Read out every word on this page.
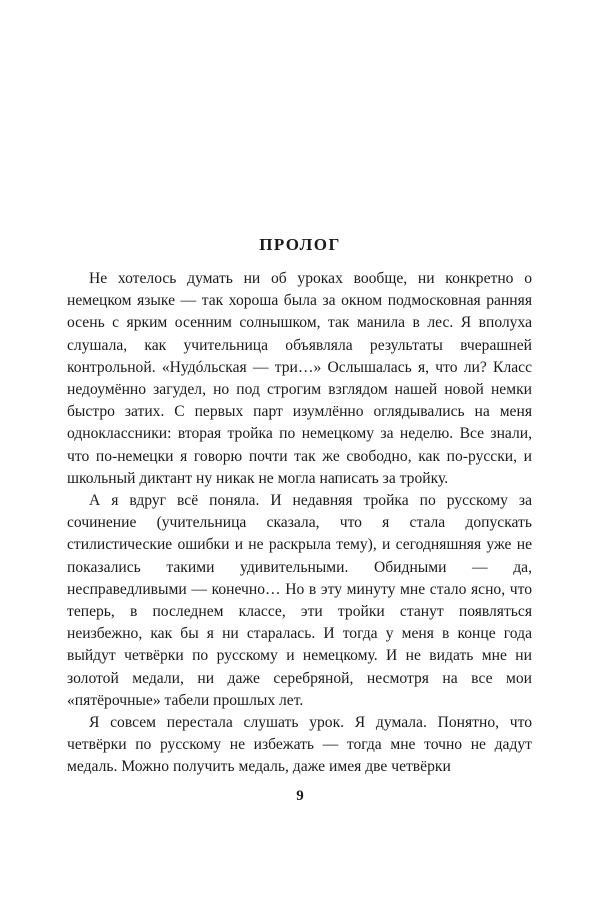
ПРОЛОГ

Не хотелось думать ни об уроках вообще, ни конкретно о немецком языке — так хороша была за окном подмосковная ранняя осень с ярким осенним солнышком, так манила в лес. Я вполуха слушала, как учительница объявляла результаты вчерашней контрольной. «Нудóльская — три…» Ослышалась я, что ли? Класс недоумённо загудел, но под строгим взглядом нашей новой немки быстро затих. С первых парт изумлённо оглядывались на меня одноклассники: вторая тройка по немецкому за неделю. Все знали, что по-немецки я говорю почти так же свободно, как по-русски, и школьный диктант ну никак не могла написать за тройку.

А я вдруг всё поняла. И недавняя тройка по русскому за сочинение (учительница сказала, что я стала допускать стилистические ошибки и не раскрыла тему), и сегодняшняя уже не показались такими удивительными. Обидными — да, несправедливыми — конечно… Но в эту минуту мне стало ясно, что теперь, в последнем классе, эти тройки станут появляться неизбежно, как бы я ни старалась. И тогда у меня в конце года выйдут четвёрки по русскому и немецкому. И не видать мне ни золотой медали, ни даже серебряной, несмотря на все мои «пятёрочные» табели прошлых лет.

Я совсем перестала слушать урок. Я думала. Понятно, что четвёрки по русскому не избежать — тогда мне точно не дадут медаль. Можно получить медаль, даже имея две четвёрки

9
